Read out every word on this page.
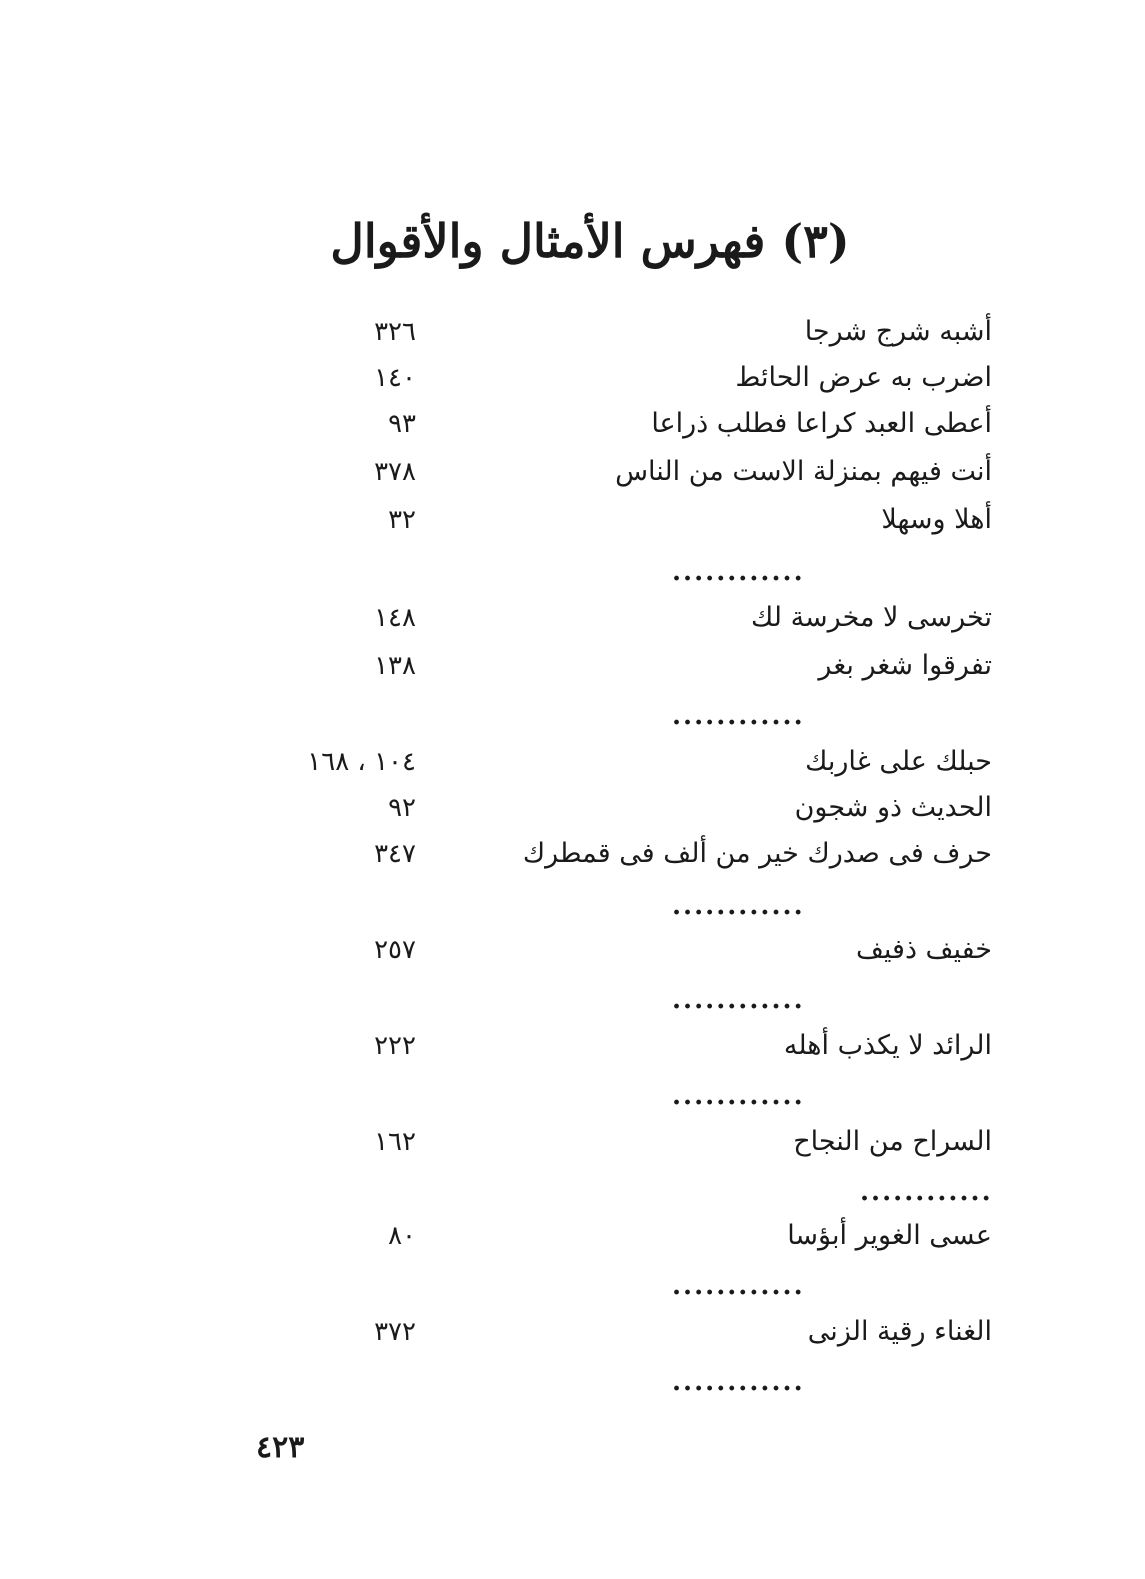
(٣) فهرس الأمثال والأقوال
أشبه شرج شرجا
٣٢٦
اضرب به عرض الحائط
١٤٠
أعطى العبد كراعا فطلب ذراعا
٩٣
أنت فيهم بمنزلة الاست من الناس
٣٧٨
أهلا وسهلا
٣٢
............
تخرسى لا مخرسة لك
١٤٨
تفرقوا شغر بغر
١٣٨
............
حبلك على غاربك
١٠٤ ، ١٦٨
الحديث ذو شجون
٩٢
حرف فى صدرك خير من ألف فى قمطرك
٣٤٧
............
خفيف ذفيف
٢٥٧
............
الرائد لا يكذب أهله
٢٢٢
............
السراح من النجاح
١٦٢
............
عسى الغوير أبؤسا
٨٠
............
الغناء رقية الزنى
٣٧٢
............
٤٢٣
